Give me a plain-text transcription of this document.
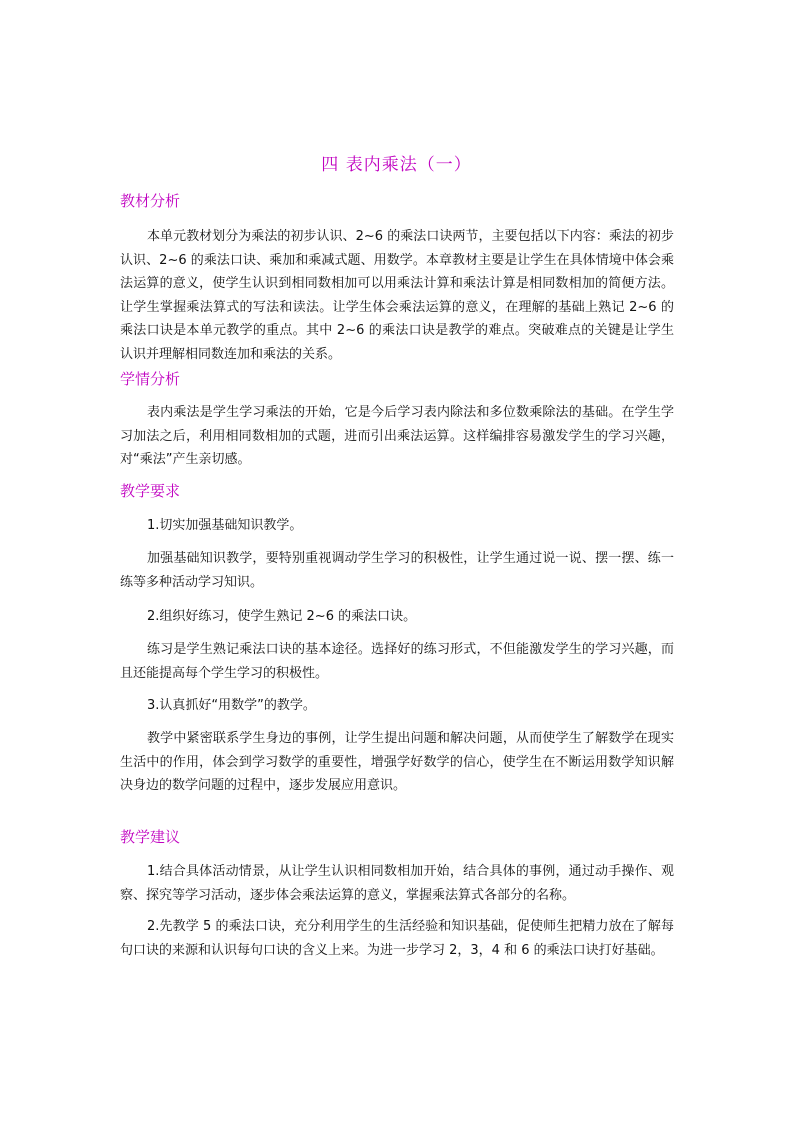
四 表内乘法（一）
教材分析

本单元教材划分为乘法的初步认识、2~6 的乘法口诀两节，主要包括以下内容：乘法的初步认识、2~6 的乘法口诀、乘加和乘减式题、用数学。本章教材主要是让学生在具体情境中体会乘法运算的意义，使学生认识到相同数相加可以用乘法计算和乘法计算是相同数相加的简便方法。让学生掌握乘法算式的写法和读法。让学生体会乘法运算的意义，在理解的基础上熟记 2~6 的乘法口诀是本单元教学的重点。其中 2~6 的乘法口诀是教学的难点。突破难点的关键是让学生认识并理解相同数连加和乘法的关系。

学情分析

表内乘法是学生学习乘法的开始，它是今后学习表内除法和多位数乘除法的基础。在学生学习加法之后，利用相同数相加的式题，进而引出乘法运算。这样编排容易激发学生的学习兴趣，对“乘法”产生亲切感。

教学要求

1.切实加强基础知识教学。

加强基础知识教学，要特别重视调动学生学习的积极性，让学生通过说一说、摆一摆、练一练等多种活动学习知识。

2.组织好练习，使学生熟记 2~6 的乘法口诀。

练习是学生熟记乘法口诀的基本途径。选择好的练习形式，不但能激发学生的学习兴趣，而且还能提高每个学生学习的积极性。

3.认真抓好“用数学”的教学。

教学中紧密联系学生身边的事例，让学生提出问题和解决问题，从而使学生了解数学在现实生活中的作用，体会到学习数学的重要性，增强学好数学的信心，使学生在不断运用数学知识解决身边的数学问题的过程中，逐步发展应用意识。

教学建议

1.结合具体活动情景，从让学生认识相同数相加开始，结合具体的事例，通过动手操作、观察、探究等学习活动，逐步体会乘法运算的意义，掌握乘法算式各部分的名称。

2.先教学 5 的乘法口诀，充分利用学生的生活经验和知识基础，促使师生把精力放在了解每句口诀的来源和认识每句口诀的含义上来。为进一步学习 2，3，4 和 6 的乘法口诀打好基础。
